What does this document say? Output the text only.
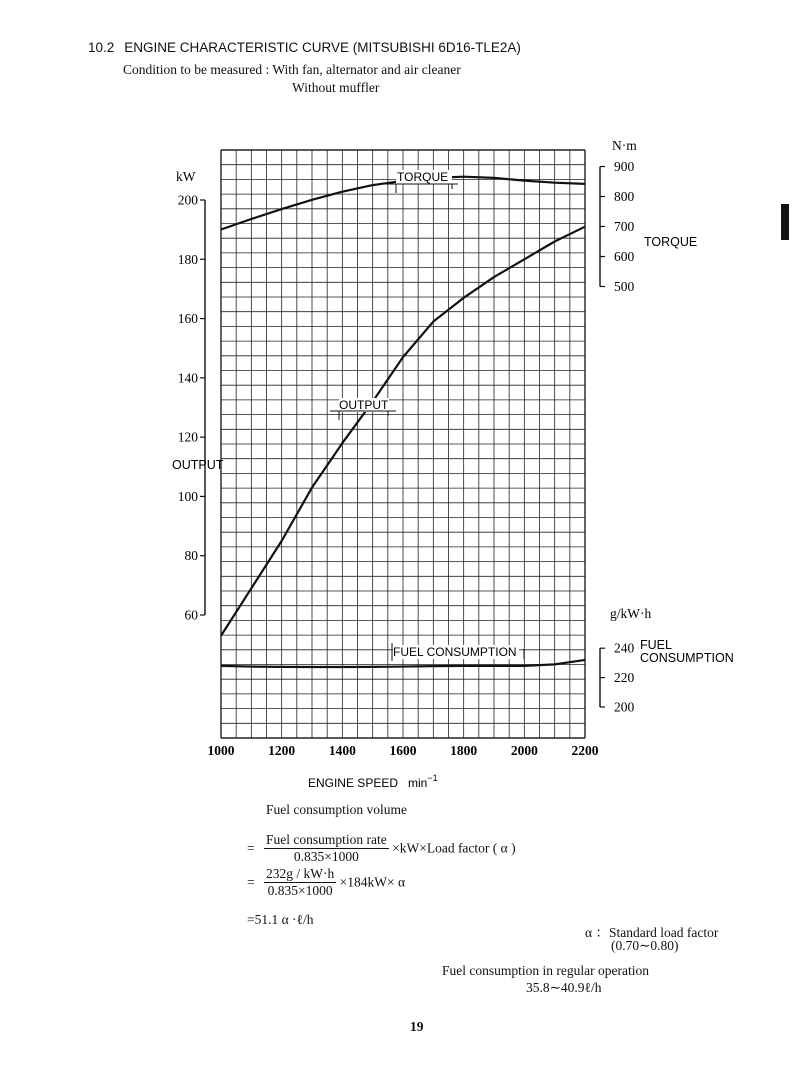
10.2 ENGINE CHARACTERISTIC CURVE (MITSUBISHI 6D16-TLE2A)
Condition to be measured : With fan, alternator and air cleaner
Without muffler
1000 1200 1400 1600 1800 2000 2200
60
80
100
120
140
160
180
200
500
600
700
800
900
200
220
240
OUTPUT
kW
N·m
TORQUE
g/kW·h
FUEL
CONSUMPTION
ENGINE SPEED $\min^{-1}$
TORQUE
OUTPUT
FUEL CONSUMPTION
Fuel consumption volume
= $\frac{\text{Fuel consumption rate}}{0.835\times 1000}$ ×kW×Load factor ( α )
= $\frac{232g / kW\cdot h}{0.835\times 1000} \times 184kW\times \alpha$
=51.1 α ·ℓ/h
α ：Standard load factor
(0.70∼0.80)
Fuel consumption in regular operation
35.8∼40.9ℓ/h
19
